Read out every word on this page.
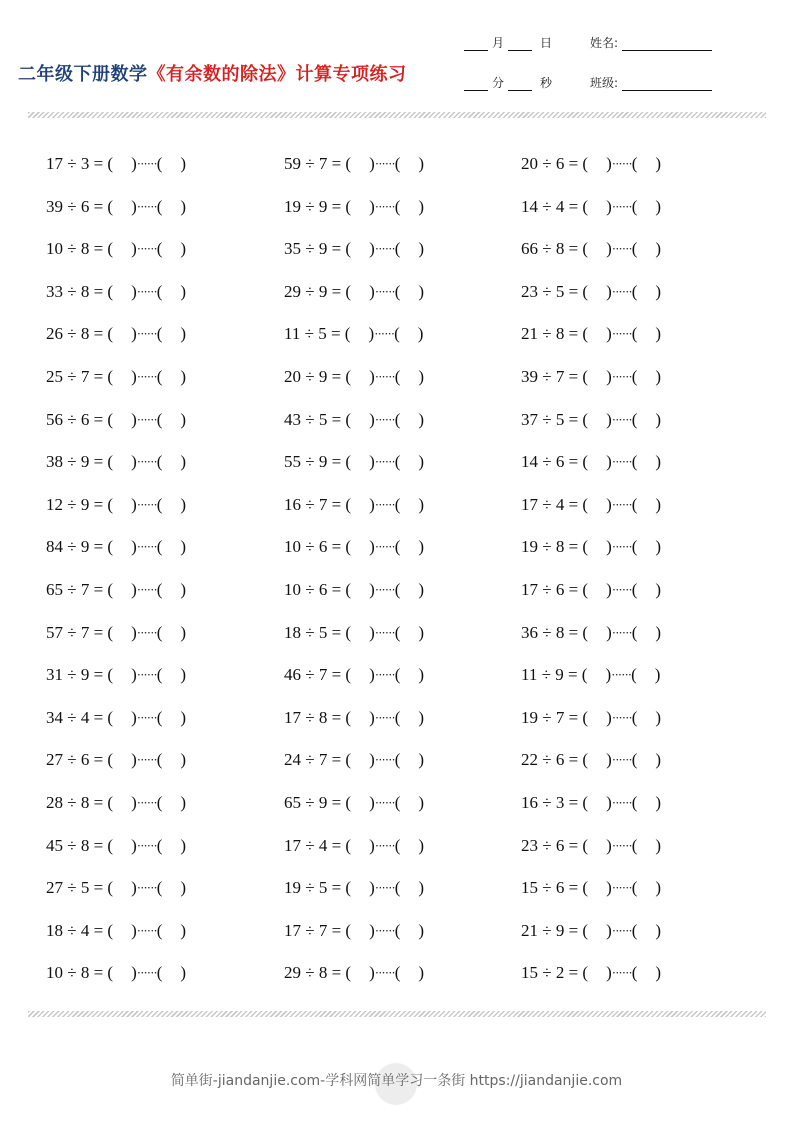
二年级下册数学《有余数的除法》计算专项练习
月	日	姓名:
分	秒	班级:
17 ÷ 3 = ( )······( )	59 ÷ 7 = ( )······( )	20 ÷ 6 = ( )······( )
39 ÷ 6 = ( )······( )	19 ÷ 9 = ( )······( )	14 ÷ 4 = ( )······( )
10 ÷ 8 = ( )······( )	35 ÷ 9 = ( )······( )	66 ÷ 8 = ( )······( )
33 ÷ 8 = ( )······( )	29 ÷ 9 = ( )······( )	23 ÷ 5 = ( )······( )
26 ÷ 8 = ( )······( )	11 ÷ 5 = ( )······( )	21 ÷ 8 = ( )······( )
25 ÷ 7 = ( )······( )	20 ÷ 9 = ( )······( )	39 ÷ 7 = ( )······( )
56 ÷ 6 = ( )······( )	43 ÷ 5 = ( )······( )	37 ÷ 5 = ( )······( )
38 ÷ 9 = ( )······( )	55 ÷ 9 = ( )······( )	14 ÷ 6 = ( )······( )
12 ÷ 9 = ( )······( )	16 ÷ 7 = ( )······( )	17 ÷ 4 = ( )······( )
84 ÷ 9 = ( )······( )	10 ÷ 6 = ( )······( )	19 ÷ 8 = ( )······( )
65 ÷ 7 = ( )······( )	10 ÷ 6 = ( )······( )	17 ÷ 6 = ( )······( )
57 ÷ 7 = ( )······( )	18 ÷ 5 = ( )······( )	36 ÷ 8 = ( )······( )
31 ÷ 9 = ( )······( )	46 ÷ 7 = ( )······( )	11 ÷ 9 = ( )······( )
34 ÷ 4 = ( )······( )	17 ÷ 8 = ( )······( )	19 ÷ 7 = ( )······( )
27 ÷ 6 = ( )······( )	24 ÷ 7 = ( )······( )	22 ÷ 6 = ( )······( )
28 ÷ 8 = ( )······( )	65 ÷ 9 = ( )······( )	16 ÷ 3 = ( )······( )
45 ÷ 8 = ( )······( )	17 ÷ 4 = ( )······( )	23 ÷ 6 = ( )······( )
27 ÷ 5 = ( )······( )	19 ÷ 5 = ( )······( )	15 ÷ 6 = ( )······( )
18 ÷ 4 = ( )······( )	17 ÷ 7 = ( )······( )	21 ÷ 9 = ( )······( )
10 ÷ 8 = ( )······( )	29 ÷ 8 = ( )······( )	15 ÷ 2 = ( )······( )
简单街-jiandanjie.com-学科网简单学习一条街 https://jiandanjie.com
